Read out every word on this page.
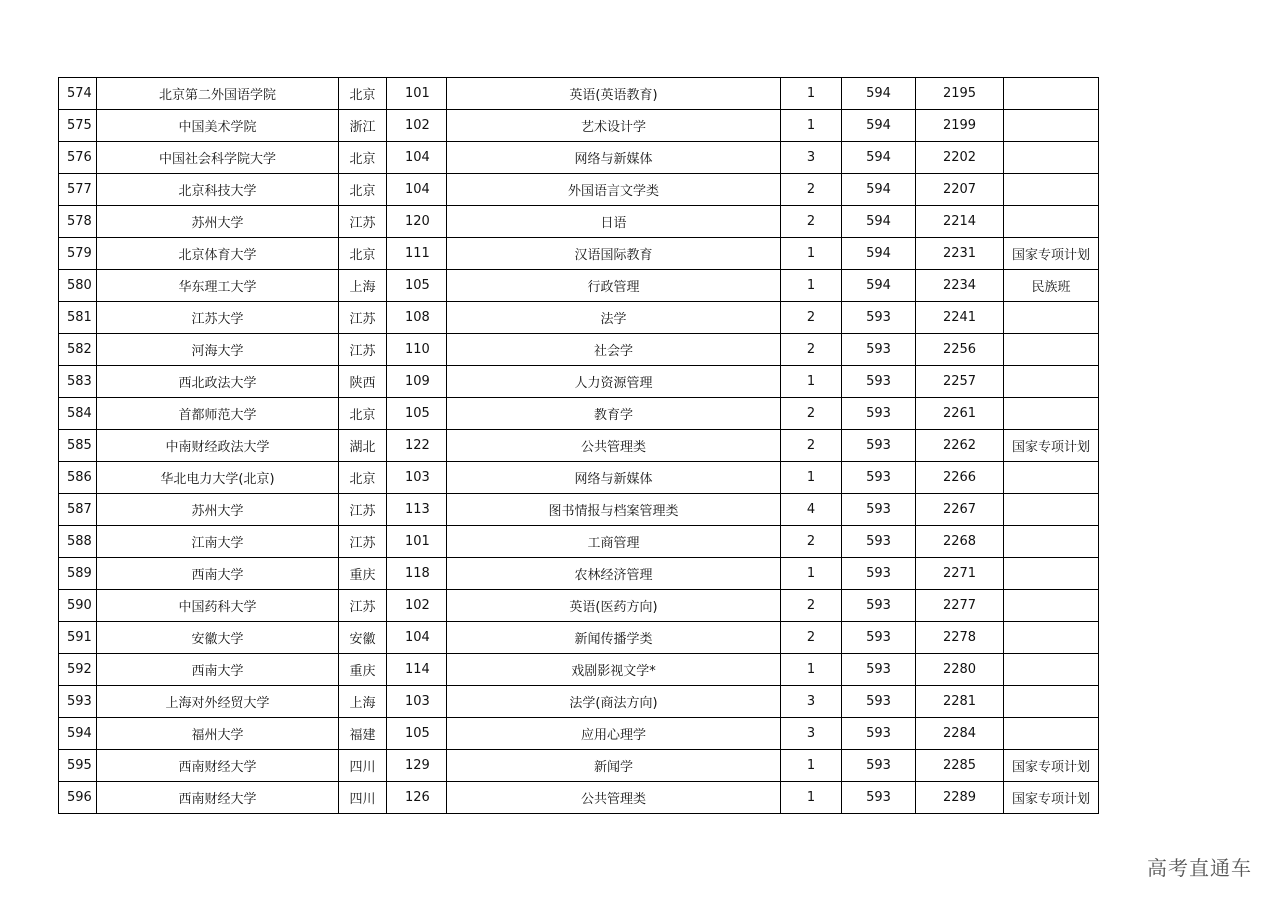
574	北京第二外国语学院	北京	101	英语(英语教育)	1	594	2195	
575	中国美术学院	浙江	102	艺术设计学	1	594	2199	
576	中国社会科学院大学	北京	104	网络与新媒体	3	594	2202	
577	北京科技大学	北京	104	外国语言文学类	2	594	2207	
578	苏州大学	江苏	120	日语	2	594	2214	
579	北京体育大学	北京	111	汉语国际教育	1	594	2231	国家专项计划
580	华东理工大学	上海	105	行政管理	1	594	2234	民族班
581	江苏大学	江苏	108	法学	2	593	2241	
582	河海大学	江苏	110	社会学	2	593	2256	
583	西北政法大学	陕西	109	人力资源管理	1	593	2257	
584	首都师范大学	北京	105	教育学	2	593	2261	
585	中南财经政法大学	湖北	122	公共管理类	2	593	2262	国家专项计划
586	华北电力大学(北京)	北京	103	网络与新媒体	1	593	2266	
587	苏州大学	江苏	113	图书情报与档案管理类	4	593	2267	
588	江南大学	江苏	101	工商管理	2	593	2268	
589	西南大学	重庆	118	农林经济管理	1	593	2271	
590	中国药科大学	江苏	102	英语(医药方向)	2	593	2277	
591	安徽大学	安徽	104	新闻传播学类	2	593	2278	
592	西南大学	重庆	114	戏剧影视文学*	1	593	2280	
593	上海对外经贸大学	上海	103	法学(商法方向)	3	593	2281	
594	福州大学	福建	105	应用心理学	3	593	2284	
595	西南财经大学	四川	129	新闻学	1	593	2285	国家专项计划
596	西南财经大学	四川	126	公共管理类	1	593	2289	国家专项计划
高考直通车
